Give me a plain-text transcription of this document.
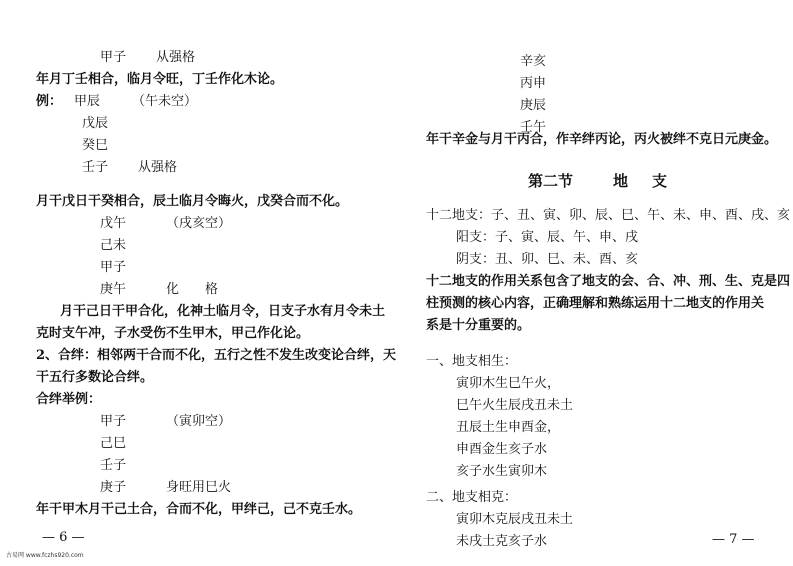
甲子 从强格
年月丁壬相合，临月令旺，丁壬作化木论。
例： 甲辰 （午未空）
戊辰
癸巳
壬子 从强格
月干戊日干癸相合，辰土临月令晦火，戊癸合而不化。
戊午	（戌亥空）
己未
甲子
庚午	化 格
月干己日干甲合化，化神土临月令，日支子水有月令未土
克时支午冲，子水受伤不生甲木，甲己作化论。
2、合绊：相邻两干合而不化，五行之性不发生改变论合绊，天
干五行多数论合绊。
合绊举例：
甲子	（寅卯空）
己巳
壬子
庚子	身旺用巳火
年干甲木月干己土合，合而不化，甲绊己，己不克壬水。
— 6 —
辛亥
丙申
庚辰
壬午
年干辛金与月干丙合，作辛绊丙论，丙火被绊不克日元庚金。
第二节	地 支
十二地支：子、丑、寅、卯、辰、巳、午、未、申、酉、戌、亥
阳支：子、寅、辰、午、申、戌
阴支：丑、卯、巳、未、酉、亥
十二地支的作用关系包含了地支的会、合、冲、刑、生、克是四
柱预测的核心内容，正确理解和熟练运用十二地支的作用关
系是十分重要的。
一、地支相生：
寅卯木生巳午火，
巳午火生辰戌丑未土
丑辰土生申酉金，
申酉金生亥子水
亥子水生寅卯木
二、地支相克：
寅卯木克辰戌丑未土
未戌土克亥子水	— 7 —
古易网 www.fczhs920.com
